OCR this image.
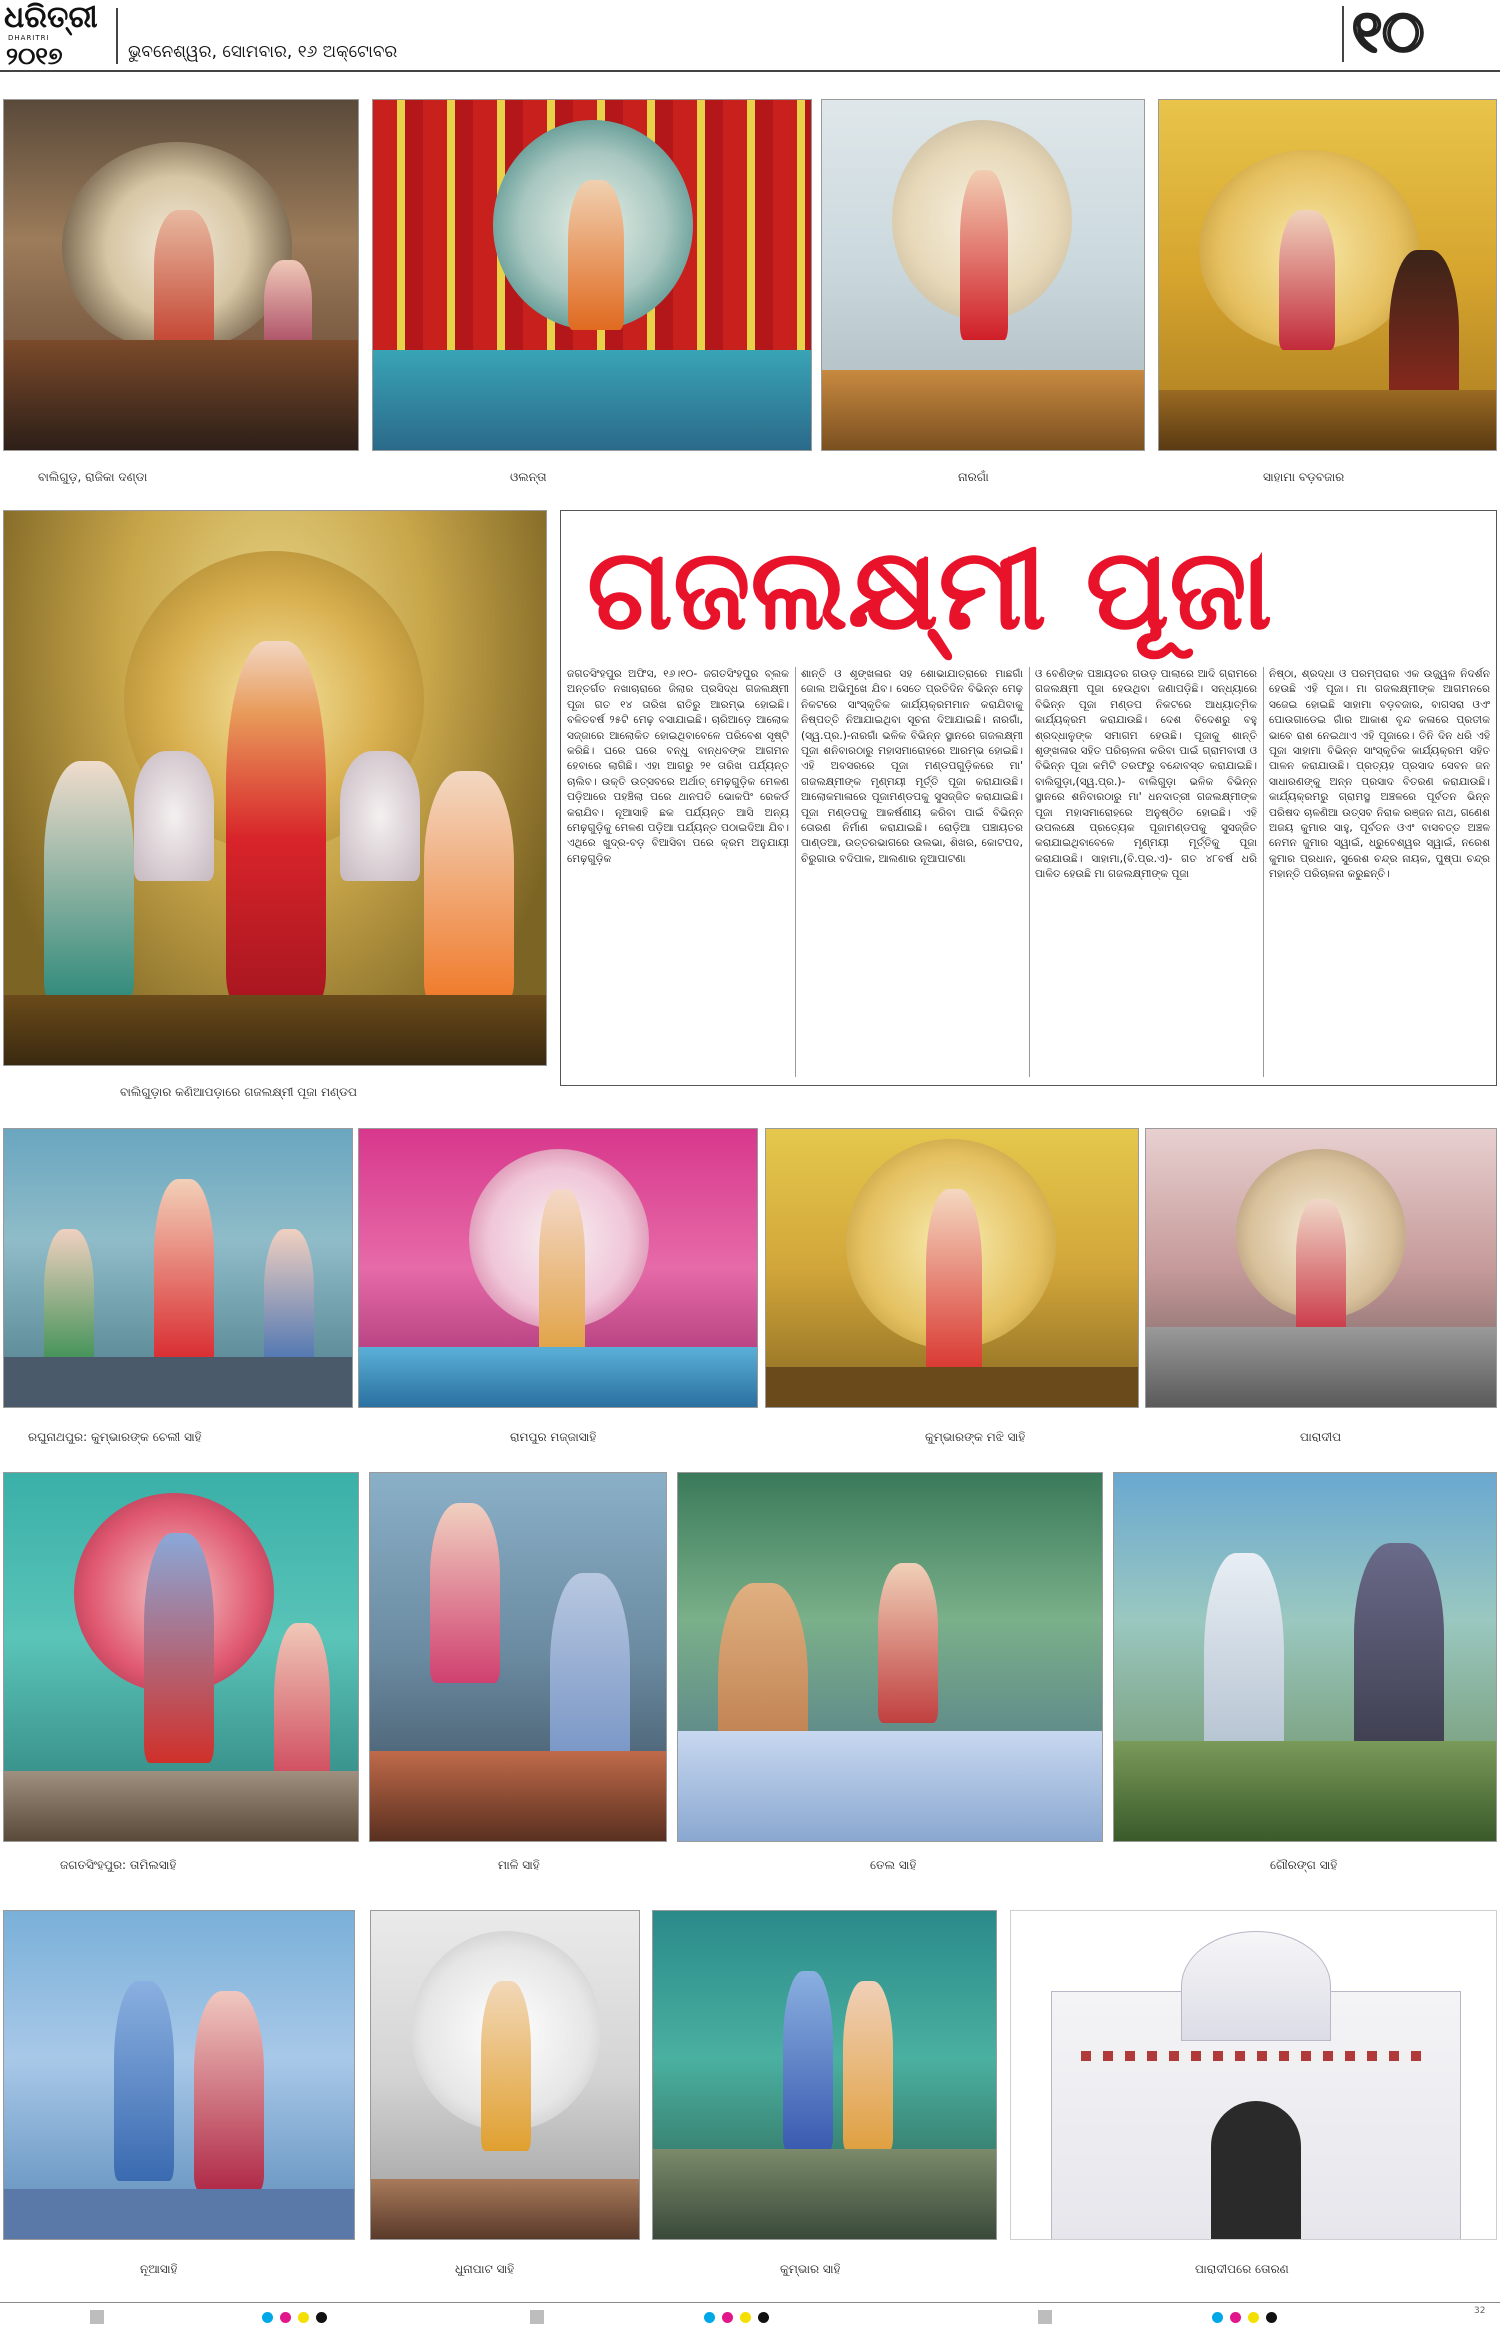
ଧରିତ୍ରୀ
DHARITRI
୨୦୧୭	ଭୁବନେଶ୍ୱର, ସୋମବାର, ୧୬ ଅକ୍ଟୋବର	୧୦
ବାଲିଗୁଡ଼, ରାଜିକା ଦଣ୍ଡା	ଓଲନ୍ତା	ନାରଗାଁ	ସାହାମା ବଡ଼ବଜାର
ବାଲିଗୁଡ଼ାର କଣିଆପଡ଼ାରେ ଗଜଲକ୍ଷ୍ମୀ ପୂଜା ମଣ୍ଡପ
ଗଜଲକ୍ଷ୍ମୀ ପୂଜା

ଜଗତସିଂହପୁର ଅଫିସ, ୧୬।୧୦- ଜଗତସିଂହପୁର ବ୍ଲକ ଅନ୍ତର୍ଗତ ନଖାଚାରାରେ ଜିଲାର ପ୍ରସିଦ୍ଧ ଗଜଲକ୍ଷ୍ମୀ ପୂଜା ଗତ ୧୪ ତାରିଖ ରାତିରୁ ଆରମ୍ଭ ହୋଇଛି। ବଳିତବର୍ଷ ୨୫ଟି ମେଢ଼ ବସାଯାଇଛି। ଚାରିଆଡ଼େ ଆଲୋକ ସଜ୍ଜାରେ ଆଲୋକିତ ହୋଇଥିବାବେଳେ ପରିବେଶ ସୃଷ୍ଟି କରିଛି। ଘରେ ଘରେ ବନ୍ଧୁ ବାନ୍ଧବଙ୍କ ଆଗମନ ହେବାରେ ଲାଗିଛି। ଏହା ଆଗରୁ ୨୧ ତାରିଖ ପର୍ଯ୍ୟନ୍ତ ଚାଲିବ। ଉକ୍ତି ଉତ୍ସବରେ ଅର୍ଥାତ୍ ମେଢ଼ଗୁଡ଼ିକ ମେଳଣ ପଡ଼ିଆରେ ପହଞ୍ଚିଲା ପରେ ଥାନପତି ଭୋକପିଂ ରେକର୍ଡ କରାଯିବ। ନୂଆସାହି ଛକ ପର୍ଯ୍ୟନ୍ତ ଆସି ଅନ୍ୟ ମେଢ଼ଗୁଡ଼ିକୁ ମେଳଣ ପଡ଼ିଆ ପର୍ଯ୍ୟନ୍ତ ପଠାଇଦିଆ ଯିବ। ଏଥିରେ ଖୁଦ୍ର-ବଡ଼ ବିଆସିବା ପରେ କ୍ରମ ଅନୁଯାୟୀ ମେଢ଼ଗୁଡ଼ିକ

ଶାନ୍ତି ଓ ଶୃଙ୍ଖଳାର ସହ ଶୋଭାଯାତ୍ରାରେ ମାଛଗାଁ ଜୋଲ ଅଭିମୁଖେ ଯିବ। ସେତେ ପ୍ରତିଦିନ ବିଭିନ୍ନ ମେଢ଼ ନିକଟରେ ସାଂସ୍କୃତିକ କାର୍ଯ୍ୟକ୍ରମମାନ କରାଯିବାକୁ ନିଷ୍ପତ୍ତି ନିଆଯାଇଥିବା ସୂଚନା ଦିଆଯାଇଛି। ନାରଗାଁ,(ସ୍ୱ.ପ୍ର.)-ନାରଗାଁ ଭଳିକ ବିଭିନ୍ନ ସ୍ଥାନରେ ଗଜଲକ୍ଷ୍ମୀ ପୂଜା ଶନିବାରଠାରୁ ମହାସମାରୋହରେ ଆରମ୍ଭ ହୋଇଛି। ଏହି ଅବସରରେ ପୂଜା ମଣ୍ଡପଗୁଡ଼ିକରେ ମା' ଗଜଲକ୍ଷ୍ମୀଙ୍କ ମୃଣ୍ମୟୀ ମୂର୍ତ୍ତି ପୂଜା କରାଯାଉଛି। ଆଲୋକମାଳାରେ ପୂଜାମଣ୍ଡପକୁ ସୁସଜ୍ଜିତ କରାଯାଇଛି। ପୂଜା ମଣ୍ଡପକୁ ଆକର୍ଷଣୀୟ କରିବା ପାଇଁ ବିଭିନ୍ନ ତୋରଣ ନିର୍ମାଣ କରାଯାଇଛି। ରୋଡ଼ିଆ ପଞ୍ଚାୟତର ପାଣ୍ଡଆ, ଉତ୍ତରଭାଗରେ ଉଲଭା, ଶିଖର, କୋଟପଦ, ଚିରୁଗାଉ ବଦିପାଳ, ଆଲଣାର ନୂଆପାଟଣା

ଓ ବେଣିଙ୍କ ପଞ୍ଚାୟତର ଗଉଡ଼ ପାଲାରେ ଆଦି ଗ୍ରାମରେ ଗଜଲକ୍ଷ୍ମୀ ପୂଜା ହେଉଥିବା ଜଣାପଡ଼ିଛି। ସନ୍ଧ୍ୟାରେ ବିଭିନ୍ନ ପୂଜା ମଣ୍ଡପ ନିକଟରେ ଆଧ୍ୟାତ୍ମିକ କାର୍ଯ୍ୟକ୍ରମ କରାଯାଉଛି। ଦେଶ ବିଦେଶରୁ ବହୁ ଶ୍ରଦ୍ଧାଳୁଙ୍କ ସମାଗମ ହେଉଛି। ପୂଜାକୁ ଶାନ୍ତି ଶୃଙ୍ଖଳାର ସହିତ ପରିଚାଳନା କରିବା ପାଇଁ ଗ୍ରାମବାସୀ ଓ ବିଭିନ୍ନ ପୂଜା କମିଟି ତରଫରୁ ବନ୍ଦୋବସ୍ତ କରାଯାଇଛି। ବାଲିଗୁଡ଼ା,(ସ୍ୱ.ପ୍ର.)- ବାଲିଗୁଡ଼ା ଭଳିକ ବିଭିନ୍ନ ସ୍ଥାନରେ ଶନିବାରଠାରୁ ମା' ଧନଦାତ୍ରୀ ଗଜଲକ୍ଷ୍ମୀଙ୍କ ପୂଜା ମହାସମାରୋହରେ ଅନୁଷ୍ଠିତ ହୋଇଛି। ଏହି ଉପଲକ୍ଷେ ପ୍ରତ୍ୟେକ ପୂଜାମଣ୍ଡପକୁ ସୁସଜ୍ଜିତ କରାଯାଇଥିବାବେଳେ ମୃଣ୍ମୟୀ ମୂର୍ତ୍ତିକୁ ପୂଜା କରାଯାଉଛି। ସାହାମା,(ବି.ପ୍ର.ଏ)- ଗତ ୪୮ବର୍ଷ ଧରି ପାଳିତ ହେଉଛି ମା ଗଜଲକ୍ଷ୍ମୀଙ୍କ ପୂଜା

ନିଷ୍ଠା, ଶ୍ରଦ୍ଧା ଓ ପରମ୍ପରାର ଏକ ଉଜ୍ଜ୍ୱଳ ନିଦର୍ଶନ ହେଉଛି ଏହି ପୂଜା। ମା ଗଜଲକ୍ଷ୍ମୀଙ୍କ ଆଗମନରେ ସଜେଇ ହୋଇଛି ସାହାମା ବଡ଼ବଜାର, ବାଗସରା ଓଏଂ ପୋଉଗାଡେଇ ଗାଁର ଆକାଶ ବୃନ୍ଦ କଳାରେ ପ୍ରତୀକ ଭାବେ ରାଶ ନେଇଥାଏ ଏହି ପୂଜାରେ। ତିନି ଦିନ ଧରି ଏହି ପୂଜା ସାହାମା ବିଭିନ୍ନ ସାଂସ୍କୃତିକ କାର୍ଯ୍ୟକ୍ରମ ସହିତ ପାଳନ କରାଯାଉଛି। ପ୍ରତ୍ୟହ ପ୍ରସାଦ ସେବନ ଜନ ସାଧାରଣଙ୍କୁ ଅନ୍ନ ପ୍ରସାଦ ବିତରଣ କରାଯାଉଛି। କାର୍ଯ୍ୟକ୍ରମରୁ ଗ୍ରାମସ୍ଥ ଅଞ୍ଚଳରେ ପୂର୍ବତନ ଭିନ୍ନ ପରିଷଦ ଚାଳଣିଆ ଉତ୍ସବ ନିରାକ ରଞ୍ଜନ ନାଥ, ଗଣେଶ ଅଜୟ କୁମାର ସାହୁ, ପୂର୍ବତନ ଓଏଂ ବାସବତ୍ତ ଅଞ୍ଚଳ ନେମନ ଜୁମାର ସ୍ୱାଇଁ, ଧ୍ରୁବେଶ୍ୱର ସ୍ୱାଇଁ, ନରେଶ କୁମାର ପ୍ରଧାନ, ସୁରେଶ ଚନ୍ଦ୍ର ନାୟକ, ପୁଷ୍ପା ଚନ୍ଦ୍ର ମହାନ୍ତି ପରିଚାଳନା କରୁଛନ୍ତି।

ରଘୁନାଥପୁର: କୁମ୍ଭାରଙ୍କ ଚେଲୀ ସାହି	ରାମପୁର ମଜ୍ଜାସାହି	କୁମ୍ଭାରଙ୍କ ମଝି ସାହି	ପାରାଦୀପ
ଜଗତସିଂହପୁର: ତାମିଲସାହି	ମାଳି ସାହି	ତେଲ ସାହି	ଗୌରଙ୍ଗ ସାହି
ନୂଆସାହି	ଧୁନାପାଟ ସାହି	କୁମ୍ଭାର ସାହି	ପାରାଦୀପରେ ତୋରଣ
32
